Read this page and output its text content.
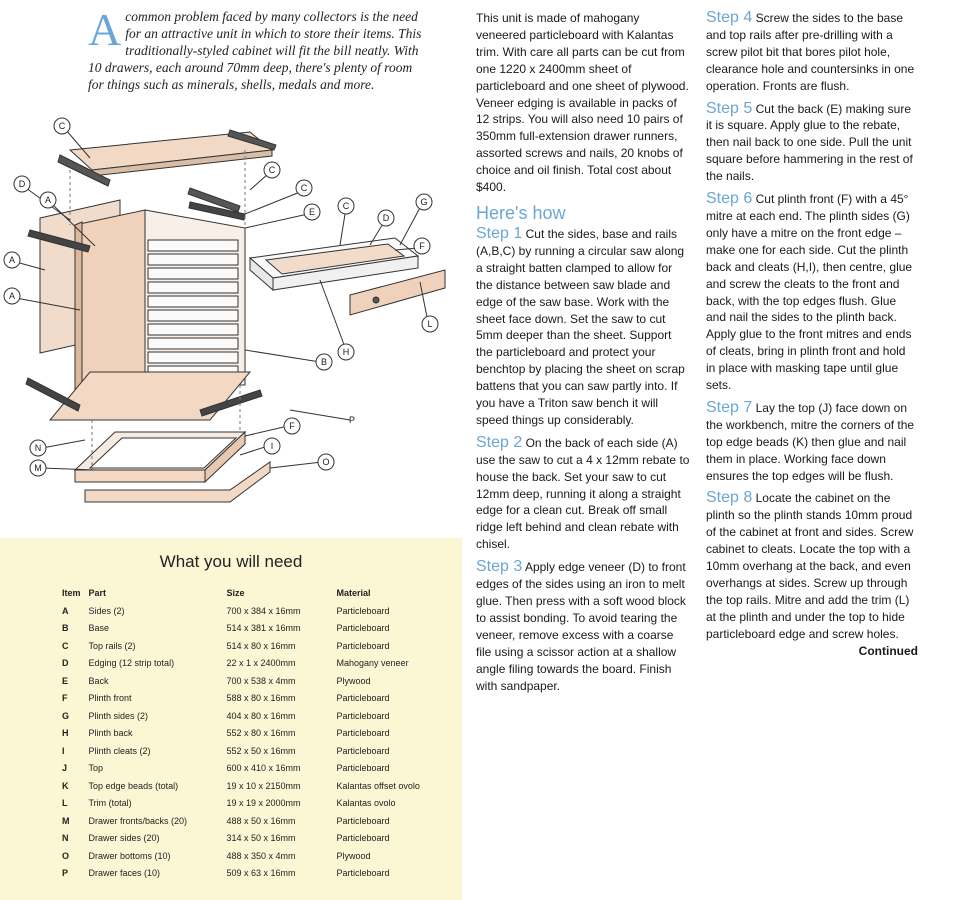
A common problem faced by many collectors is the need for an attractive unit in which to store their items. This traditionally-styled cabinet will fit the bill neatly. With 10 drawers, each around 70mm deep, there's plenty of room for things such as minerals, shells, medals and more.
C
D
A
C
C
E
A
A
B
C
D
G
F
H
L
N
M
F
I
O
P
What you will need
Item	Part	Size	Material
A	Sides (2)	700 x 384 x 16mm	Particleboard
B	Base	514 x 381 x 16mm	Particleboard
C	Top rails (2)	514 x 80 x 16mm	Particleboard
D	Edging (12 strip total)	22 x 1 x 2400mm	Mahogany veneer
E	Back	700 x 538 x 4mm	Plywood
F	Plinth front	588 x 80 x 16mm	Particleboard
G	Plinth sides (2)	404 x 80 x 16mm	Particleboard
H	Plinth back	552 x 80 x 16mm	Particleboard
I	Plinth cleats (2)	552 x 50 x 16mm	Particleboard
J	Top	600 x 410 x 16mm	Particleboard
K	Top edge beads (total)	19 x 10 x 2150mm	Kalantas offset ovolo
L	Trim (total)	19 x 19 x 2000mm	Kalantas ovolo
M	Drawer fronts/backs (20)	488 x 50 x 16mm	Particleboard
N	Drawer sides (20)	314 x 50 x 16mm	Particleboard
O	Drawer bottoms (10)	488 x 350 x 4mm	Plywood
P	Drawer faces (10)	509 x 63 x 16mm	Particleboard

This unit is made of mahogany veneered particleboard with Kalantas trim. With care all parts can be cut from one 1220 x 2400mm sheet of particleboard and one sheet of plywood. Veneer edging is available in packs of 12 strips. You will also need 10 pairs of 350mm full-extension drawer runners, assorted screws and nails, 20 knobs of choice and oil finish. Total cost about $400.

Here's how

Step 1 Cut the sides, base and rails (A,B,C) by running a circular saw along a straight batten clamped to allow for the distance between saw blade and edge of the saw base. Work with the sheet face down. Set the saw to cut 5mm deeper than the sheet. Support the particleboard and protect your benchtop by placing the sheet on scrap battens that you can saw partly into. If you have a Triton saw bench it will speed things up considerably.

Step 2 On the back of each side (A) use the saw to cut a 4 x 12mm rebate to house the back. Set your saw to cut 12mm deep, running it along a straight edge for a clean cut. Break off small ridge left behind and clean rebate with chisel.

Step 3 Apply edge veneer (D) to front edges of the sides using an iron to melt glue. Then press with a soft wood block to assist bonding. To avoid tearing the veneer, remove excess with a coarse file using a scissor action at a shallow angle filing towards the board. Finish with sandpaper.

Step 4 Screw the sides to the base and top rails after pre-drilling with a screw pilot bit that bores pilot hole, clearance hole and countersinks in one operation. Fronts are flush.

Step 5 Cut the back (E) making sure it is square. Apply glue to the rebate, then nail back to one side. Pull the unit square before hammering in the rest of the nails.

Step 6 Cut plinth front (F) with a 45° mitre at each end. The plinth sides (G) only have a mitre on the front edge – make one for each side. Cut the plinth back and cleats (H,I), then centre, glue and screw the cleats to the front and back, with the top edges flush. Glue and nail the sides to the plinth back. Apply glue to the front mitres and ends of cleats, bring in plinth front and hold in place with masking tape until glue sets.

Step 7 Lay the top (J) face down on the workbench, mitre the corners of the top edge beads (K) then glue and nail them in place. Working face down ensures the top edges will be flush.

Step 8 Locate the cabinet on the plinth so the plinth stands 10mm proud of the cabinet at front and sides. Screw cabinet to cleats. Locate the top with a 10mm overhang at the back, and even overhangs at sides. Screw up through the top rails. Mitre and add the trim (L) at the plinth and under the top to hide particleboard edge and screw holes.
Continued
